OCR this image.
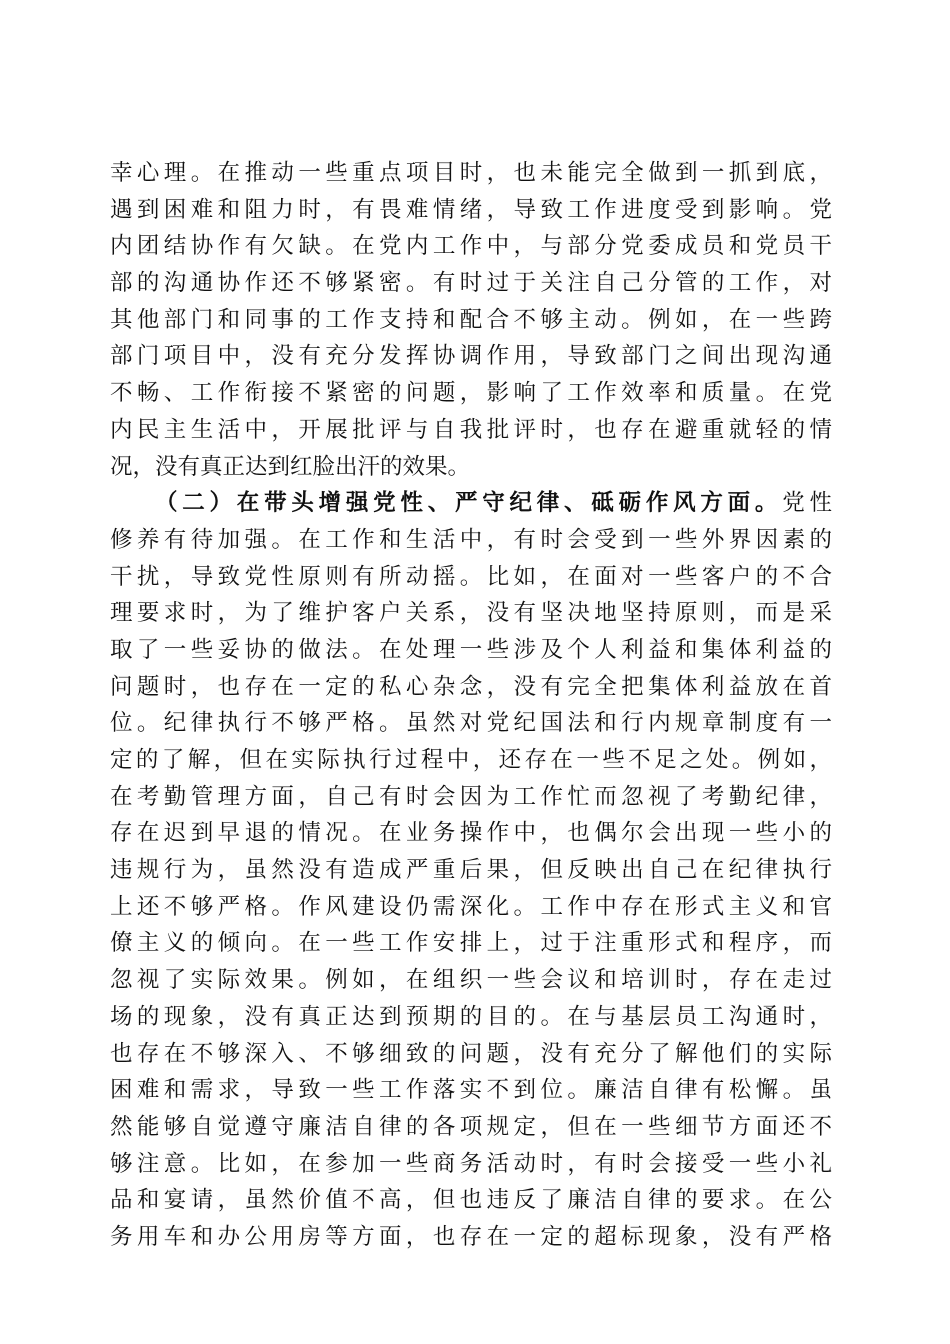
幸心理。在推动一些重点项目时，也未能完全做到一抓到底，
遇到困难和阻力时，有畏难情绪，导致工作进度受到影响。党
内团结协作有欠缺。在党内工作中，与部分党委成员和党员干
部的沟通协作还不够紧密。有时过于关注自己分管的工作，对
其他部门和同事的工作支持和配合不够主动。例如，在一些跨
部门项目中，没有充分发挥协调作用，导致部门之间出现沟通
不畅、工作衔接不紧密的问题，影响了工作效率和质量。在党
内民主生活中，开展批评与自我批评时，也存在避重就轻的情
况，没有真正达到红脸出汗的效果。
（二）在带头增强党性、严守纪律、砥砺作风方面。党性
修养有待加强。在工作和生活中，有时会受到一些外界因素的
干扰，导致党性原则有所动摇。比如，在面对一些客户的不合
理要求时，为了维护客户关系，没有坚决地坚持原则，而是采
取了一些妥协的做法。在处理一些涉及个人利益和集体利益的
问题时，也存在一定的私心杂念，没有完全把集体利益放在首
位。纪律执行不够严格。虽然对党纪国法和行内规章制度有一
定的了解，但在实际执行过程中，还存在一些不足之处。例如，
在考勤管理方面，自己有时会因为工作忙而忽视了考勤纪律，
存在迟到早退的情况。在业务操作中，也偶尔会出现一些小的
违规行为，虽然没有造成严重后果，但反映出自己在纪律执行
上还不够严格。作风建设仍需深化。工作中存在形式主义和官
僚主义的倾向。在一些工作安排上，过于注重形式和程序，而
忽视了实际效果。例如，在组织一些会议和培训时，存在走过
场的现象，没有真正达到预期的目的。在与基层员工沟通时，
也存在不够深入、不够细致的问题，没有充分了解他们的实际
困难和需求，导致一些工作落实不到位。廉洁自律有松懈。虽
然能够自觉遵守廉洁自律的各项规定，但在一些细节方面还不
够注意。比如，在参加一些商务活动时，有时会接受一些小礼
品和宴请，虽然价值不高，但也违反了廉洁自律的要求。在公
务用车和办公用房等方面，也存在一定的超标现象，没有严格
